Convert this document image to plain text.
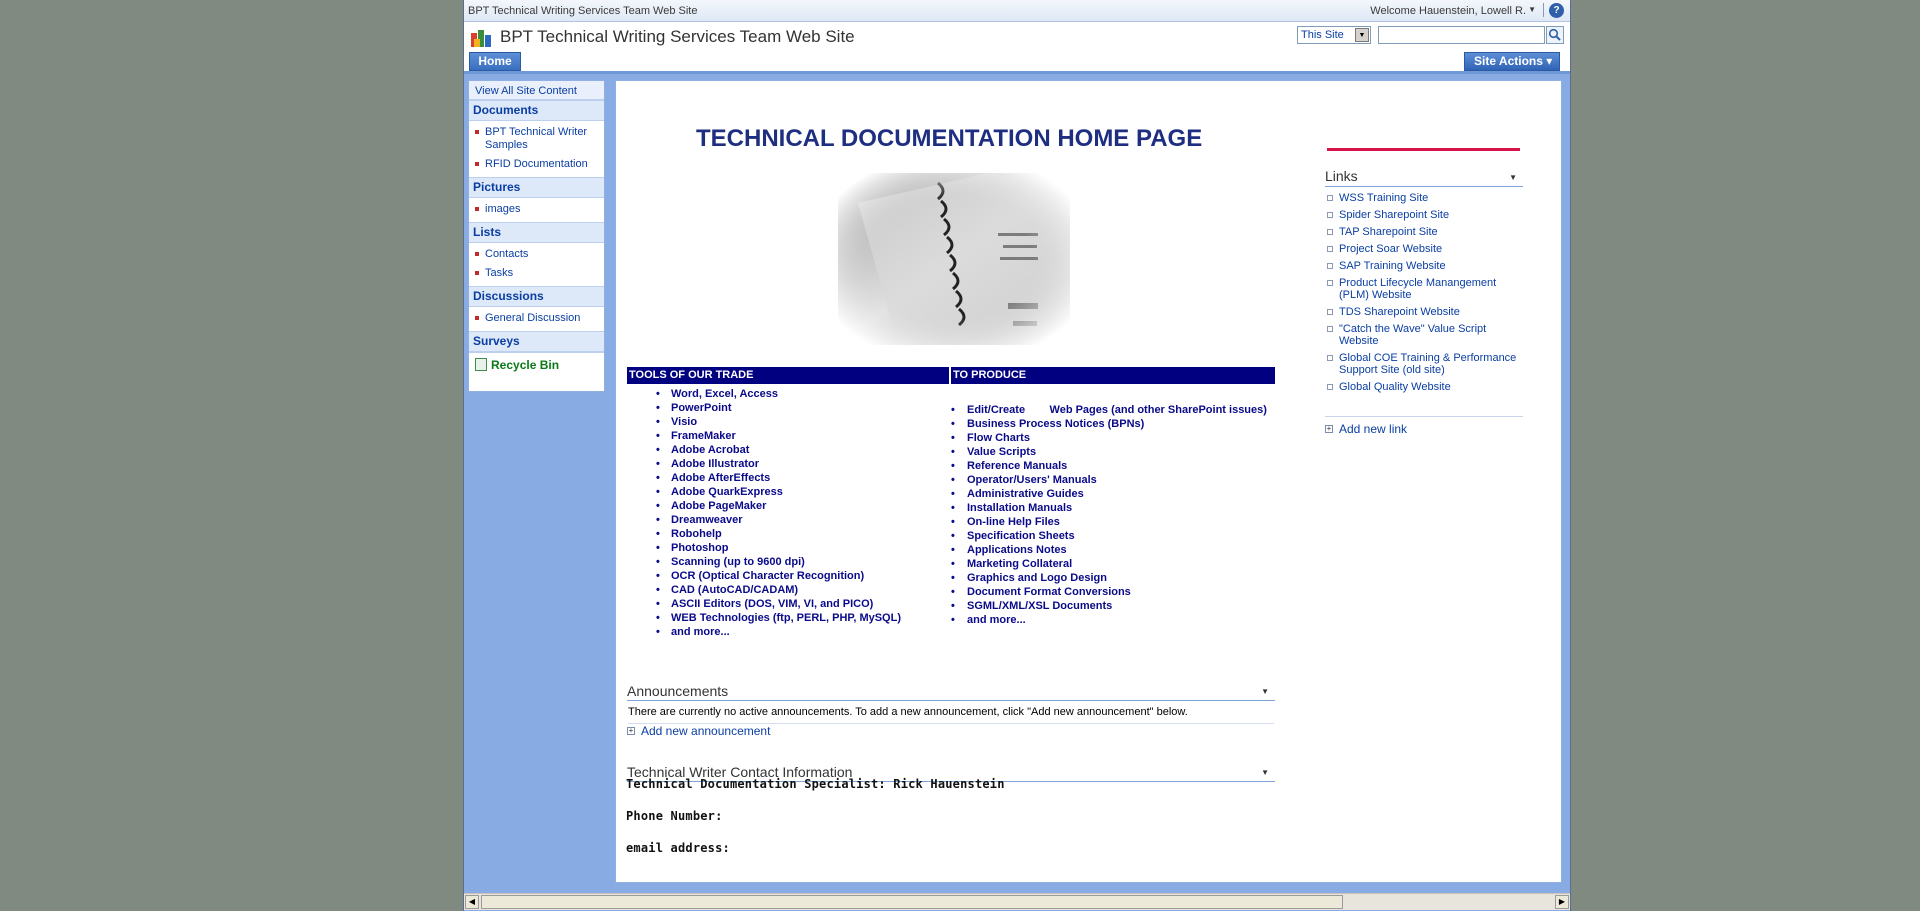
BPT Technical Writing Services Team Web Site	Welcome Hauenstein, Lowell R. ▼	?
BPT Technical Writing Services Team Web Site	This Site	▼
Home	Site Actions ▾
View All Site Content
Documents
BPT Technical Writer Samples
RFID Documentation
Pictures
images
Lists
Contacts
Tasks
Discussions
General Discussion
Surveys
Recycle Bin
TECHNICAL DOCUMENTATION HOME PAGE
TOOLS OF OUR TRADE	TO PRODUCE
• Word, Excel, Access
• PowerPoint
• Visio
• FrameMaker
• Adobe Acrobat
• Adobe Illustrator
• Adobe AfterEffects
• Adobe QuarkExpress
• Adobe PageMaker
• Dreamweaver
• Robohelp
• Photoshop
• Scanning (up to 9600 dpi)
• OCR (Optical Character Recognition)
• CAD (AutoCAD/CADAM)
• ASCII Editors (DOS, VIM, VI, and PICO)
• WEB Technologies (ftp, PERL, PHP, MySQL)
• and more...
• Edit/Create        Web Pages (and other SharePoint issues)
• Business Process Notices (BPNs)
• Flow Charts
• Value Scripts
• Reference Manuals
• Operator/Users' Manuals
• Administrative Guides
• Installation Manuals
• On-line Help Files
• Specification Sheets
• Applications Notes
• Marketing Collateral
• Graphics and Logo Design
• Document Format Conversions
• SGML/XML/XSL Documents
• and more...
Announcements	▼
There are currently no active announcements. To add a new announcement, click "Add new announcement" below.
+ Add new announcement
Technical Writer Contact Information	▼
Technical Documentation Specialist: Rick Hauenstein
Phone Number:
email address:
Links	▼
WSS Training Site
Spider Sharepoint Site
TAP Sharepoint Site
Project Soar Website
SAP Training Website
Product Lifecycle Manangement (PLM) Website
TDS Sharepoint Website
"Catch the Wave" Value Script Website
Global COE Training & Performance Support Site (old site)
Global Quality Website
+ Add new link
◀	▶
